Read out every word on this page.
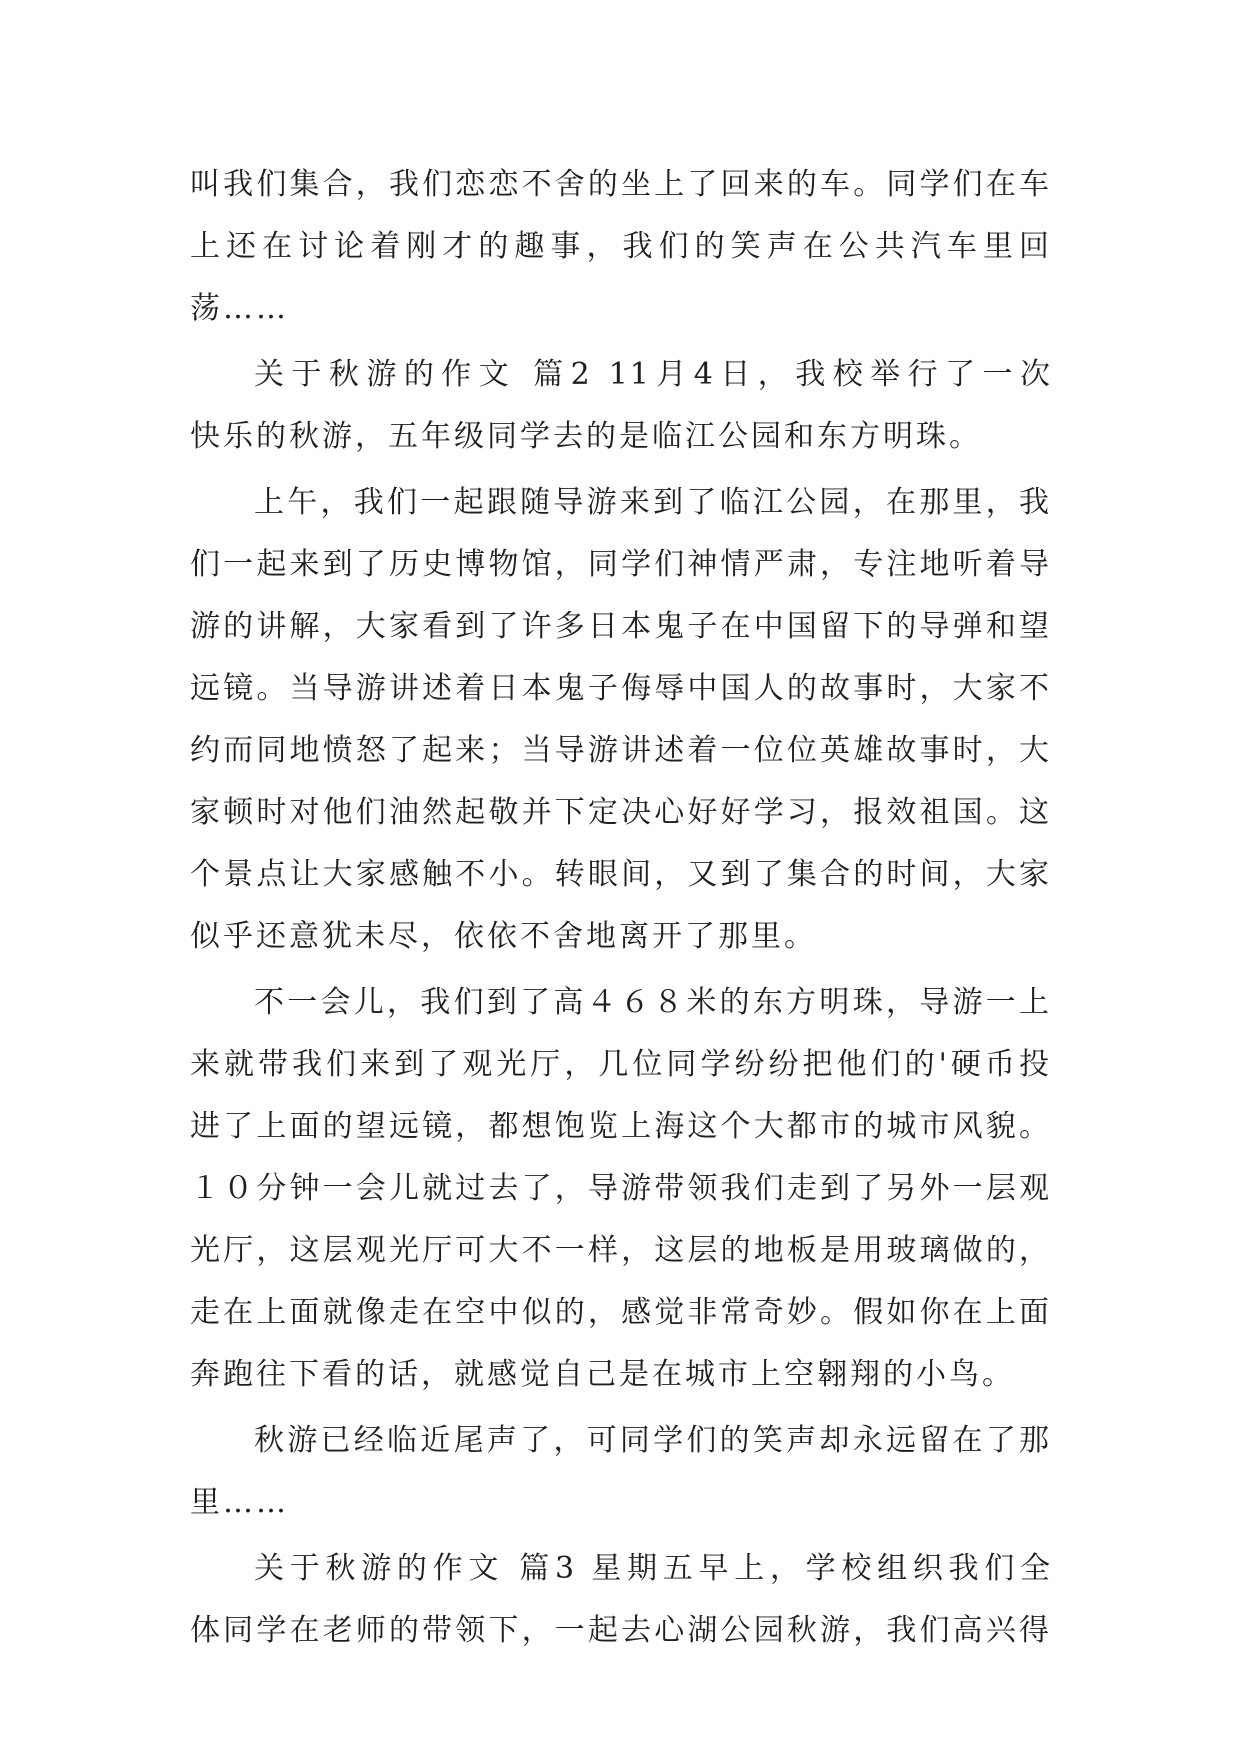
叫我们集合，我们恋恋不舍的坐上了回来的车。同学们在车
上还在讨论着刚才的趣事，我们的笑声在公共汽车里回
荡……
关于秋游的作文 篇2 11月4日，我校举行了一次
快乐的秋游，五年级同学去的是临江公园和东方明珠。
上午，我们一起跟随导游来到了临江公园，在那里，我
们一起来到了历史博物馆，同学们神情严肃，专注地听着导
游的讲解，大家看到了许多日本鬼子在中国留下的导弹和望
远镜。当导游讲述着日本鬼子侮辱中国人的故事时，大家不
约而同地愤怒了起来；当导游讲述着一位位英雄故事时，大
家顿时对他们油然起敬并下定决心好好学习，报效祖国。这
个景点让大家感触不小。转眼间，又到了集合的时间，大家
似乎还意犹未尽，依依不舍地离开了那里。
不一会儿，我们到了高４６８米的东方明珠，导游一上
来就带我们来到了观光厅，几位同学纷纷把他们的'硬币投
进了上面的望远镜，都想饱览上海这个大都市的城市风貌。
１０分钟一会儿就过去了，导游带领我们走到了另外一层观
光厅，这层观光厅可大不一样，这层的地板是用玻璃做的，
走在上面就像走在空中似的，感觉非常奇妙。假如你在上面
奔跑往下看的话，就感觉自己是在城市上空翱翔的小鸟。
秋游已经临近尾声了，可同学们的笑声却永远留在了那
里……
关于秋游的作文 篇3 星期五早上，学校组织我们全
体同学在老师的带领下，一起去心湖公园秋游，我们高兴得
